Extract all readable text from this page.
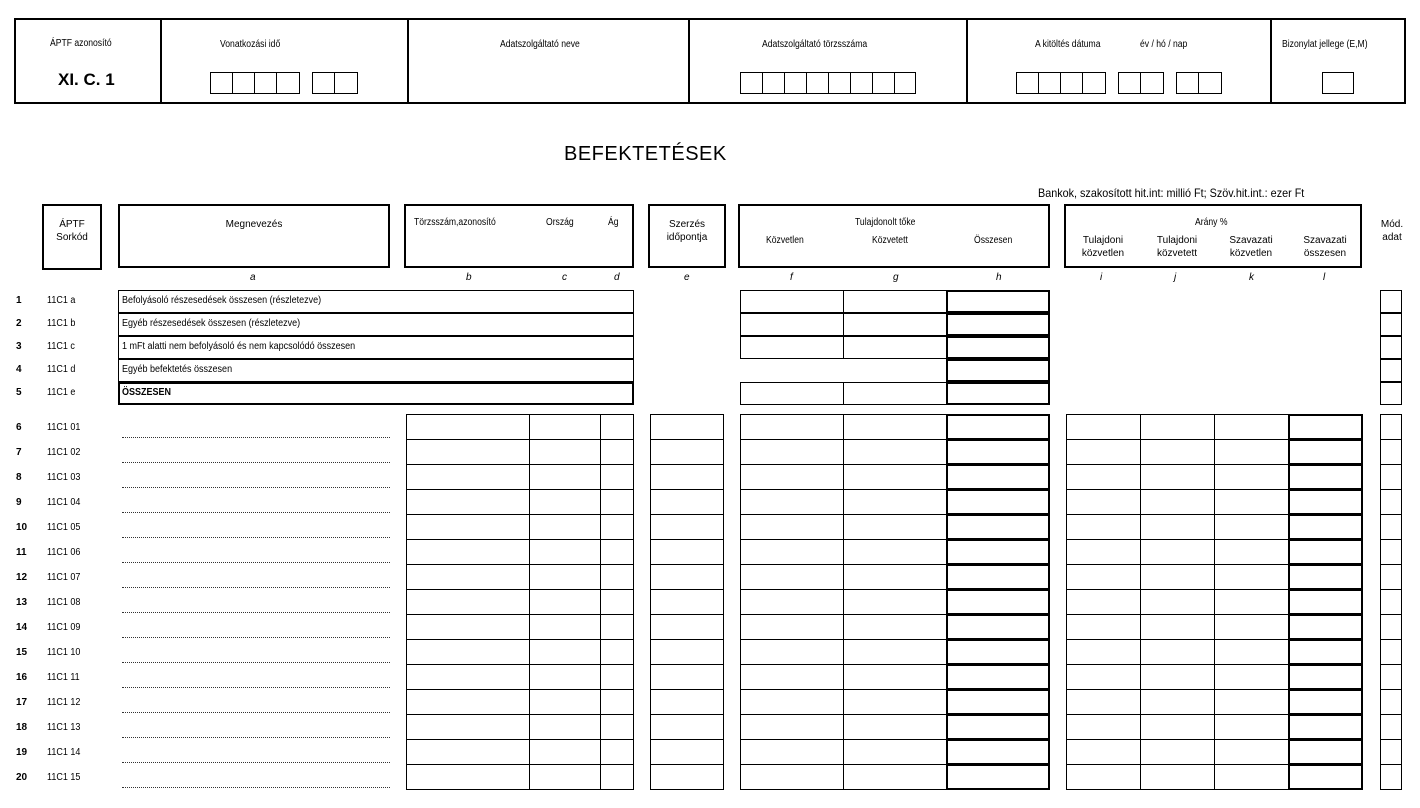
ÁPTF azonosító
XI. C. 1
Vonatkozási idő	Adatszolgáltató neve	Adatszolgáltató törzsszáma	A kitöltés dátuma	év / hó / nap	Bizonylat jellege (E,M)
BEFEKTETÉSEK
Bankok, szakosított hit.int: millió Ft; Szöv.hit.int.: ezer Ft
ÁPTF
Sorkód
Megnevezés	Törzsszám,azonosító	Ország	Ág	Szerzés
időpontja
Tulajdonolt tőke
Közvetlen	Közvetett	Összesen
Arány %
Tulajdoni
közvetlen
Tulajdoni
közvetett
Szavazati
közvetlen
Szavazati
összesen
Mód.
adat
a	b	c	d	e	f	g	h	i	j	k	l
1	11C1 a	Befolyásoló részesedések összesen (részletezve)
2	11C1 b	Egyéb részesedések összesen (részletezve)
3	11C1 c	1 mFt alatti nem befolyásoló és nem kapcsolódó összesen
4	11C1 d	Egyéb befektetés összesen
5	11C1 e	ÖSSZESEN
6	11C1 01
7	11C1 02
8	11C1 03
9	11C1 04
10 11C1 05
11 11C1 06
12 11C1 07
13 11C1 08
14 11C1 09
15 11C1 10
16 11C1 11
17 11C1 12
18 11C1 13
19 11C1 14
20 11C1 15
